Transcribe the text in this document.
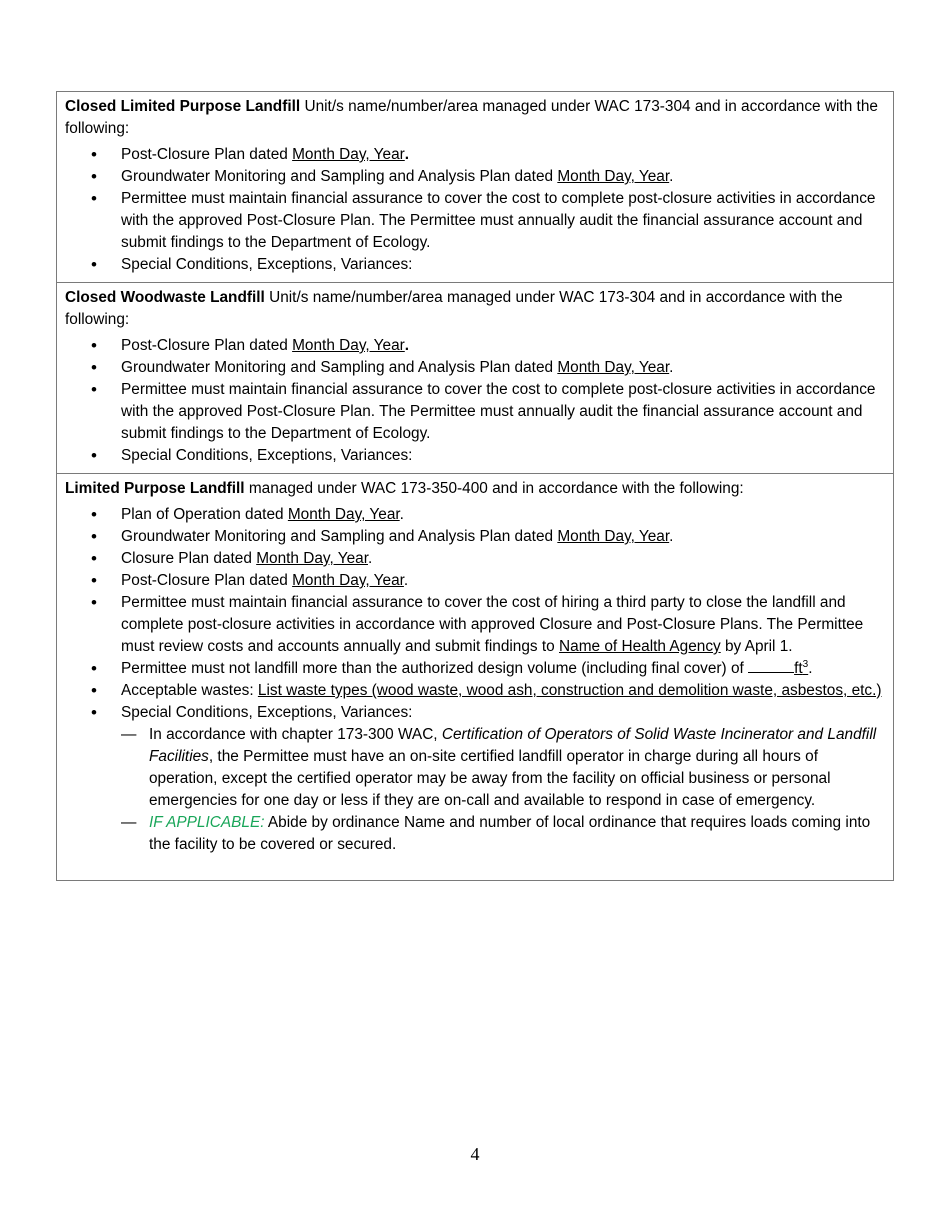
Closed Limited Purpose Landfill Unit/s name/number/area managed under WAC 173-304 and in accordance with the following:
• Post-Closure Plan dated Month Day, Year.
• Groundwater Monitoring and Sampling and Analysis Plan dated Month Day, Year.
• Permittee must maintain financial assurance to cover the cost to complete post-closure activities in accordance with the approved Post-Closure Plan. The Permittee must annually audit the financial assurance account and submit findings to the Department of Ecology.
• Special Conditions, Exceptions, Variances:
Closed Woodwaste Landfill Unit/s name/number/area managed under WAC 173-304 and in accordance with the following:
• Post-Closure Plan dated Month Day, Year.
• Groundwater Monitoring and Sampling and Analysis Plan dated Month Day, Year.
• Permittee must maintain financial assurance to cover the cost to complete post-closure activities in accordance with the approved Post-Closure Plan. The Permittee must annually audit the financial assurance account and submit findings to the Department of Ecology.
• Special Conditions, Exceptions, Variances:
Limited Purpose Landfill managed under WAC 173-350-400 and in accordance with the following:
• Plan of Operation dated Month Day, Year.
• Groundwater Monitoring and Sampling and Analysis Plan dated Month Day, Year.
• Closure Plan dated Month Day, Year.
• Post-Closure Plan dated Month Day, Year.
• Permittee must maintain financial assurance to cover the cost of hiring a third party to close the landfill and complete post-closure activities in accordance with approved Closure and Post-Closure Plans. The Permittee must review costs and accounts annually and submit findings to Name of Health Agency by April 1.
• Permittee must not landfill more than the authorized design volume (including final cover) of	$ft^3$.
• Acceptable wastes: List waste types (wood waste, wood ash, construction and demolition waste, asbestos, etc.)
• Special Conditions, Exceptions, Variances:
— In accordance with chapter 173-300 WAC, Certification of Operators of Solid Waste Incinerator and Landfill Facilities, the Permittee must have an on-site certified landfill operator in charge during all hours of operation, except the certified operator may be away from the facility on official business or personal emergencies for one day or less if they are on-call and available to respond in case of emergency.
— IF APPLICABLE: Abide by ordinance Name and number of local ordinance that requires loads coming into the facility to be covered or secured.
4
